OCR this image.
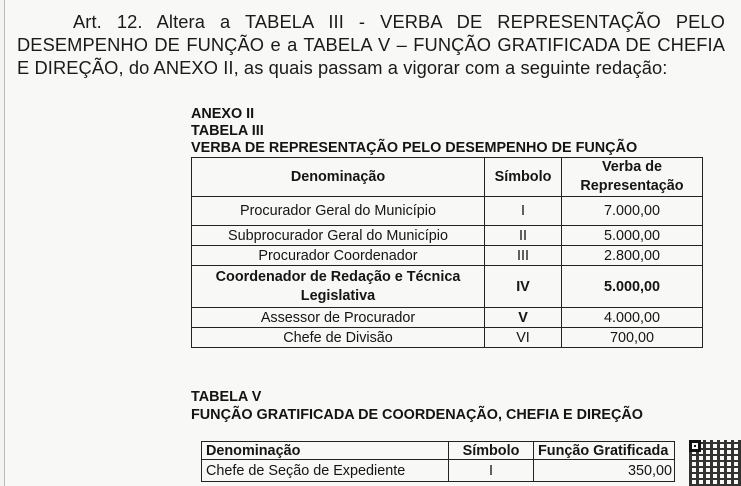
Art. 12. Altera a TABELA III - VERBA DE REPRESENTAÇÃO PELO DESEMPENHO DE FUNÇÃO e a TABELA V – FUNÇÃO GRATIFICADA DE CHEFIA E DIREÇÃO, do ANEXO II, as quais passam a vigorar com a seguinte redação:
ANEXO II
TABELA III
VERBA DE REPRESENTAÇÃO PELO DESEMPENHO DE FUNÇÃO
Denominação	Símbolo	Verba de Representação
Procurador Geral do Município	I	7.000,00
Subprocurador Geral do Município	II	5.000,00
Procurador Coordenador	III	2.800,00
Coordenador de Redação e Técnica Legislativa	IV	5.000,00
Assessor de Procurador	V	4.000,00
Chefe de Divisão	VI	700,00
TABELA V
FUNÇÃO GRATIFICADA DE COORDENAÇÃO, CHEFIA E DIREÇÃO
Denominação	Símbolo	Função Gratificada
Chefe de Seção de Expediente	I	350,00
